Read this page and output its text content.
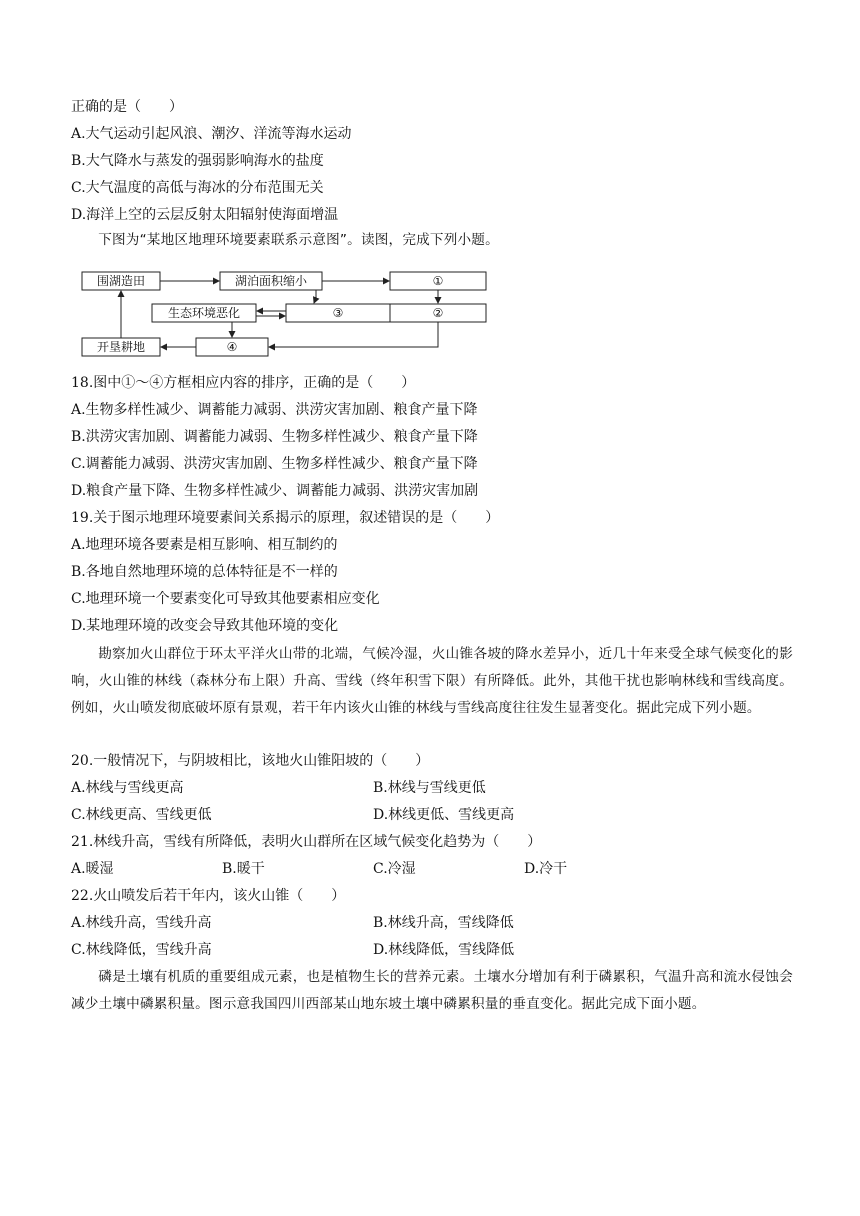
正确的是（　　）
A.大气运动引起风浪、潮汐、洋流等海水运动
B.大气降水与蒸发的强弱影响海水的盐度
C.大气温度的高低与海冰的分布范围无关
D.海洋上空的云层反射太阳辐射使海面增温
下图为“某地区地理环境要素联系示意图”。读图，完成下列小题。
围湖造田	湖泊面积缩小	①
生态环境恶化	③	②
开垦耕地	④
18.图中①～④方框相应内容的排序，正确的是（　　）
A.生物多样性减少、调蓄能力减弱、洪涝灾害加剧、粮食产量下降
B.洪涝灾害加剧、调蓄能力减弱、生物多样性减少、粮食产量下降
C.调蓄能力减弱、洪涝灾害加剧、生物多样性减少、粮食产量下降
D.粮食产量下降、生物多样性减少、调蓄能力减弱、洪涝灾害加剧
19.关于图示地理环境要素间关系揭示的原理，叙述错误的是（　　）
A.地理环境各要素是相互影响、相互制约的
B.各地自然地理环境的总体特征是不一样的
C.地理环境一个要素变化可导致其他要素相应变化
D.某地理环境的改变会导致其他环境的变化
勘察加火山群位于环太平洋火山带的北端，气候冷湿，火山锥各坡的降水差异小，近几十年来受全球气候变化的影响，火山锥的林线（森林分布上限）升高、雪线（终年积雪下限）有所降低。此外，其他干扰也影响林线和雪线高度。例如，火山喷发彻底破坏原有景观，若干年内该火山锥的林线与雪线高度往往发生显著变化。据此完成下列小题。
20.一般情况下，与阴坡相比，该地火山锥阳坡的（　　）
A.林线与雪线更高	B.林线与雪线更低
C.林线更高、雪线更低	D.林线更低、雪线更高
21.林线升高，雪线有所降低，表明火山群所在区域气候变化趋势为（　　）
A.暖湿	B.暖干	C.冷湿	D.冷干
22.火山喷发后若干年内，该火山锥（　　）
A.林线升高，雪线升高	B.林线升高，雪线降低
C.林线降低，雪线升高	D.林线降低，雪线降低
磷是土壤有机质的重要组成元素，也是植物生长的营养元素。土壤水分增加有利于磷累积，气温升高和流水侵蚀会减少土壤中磷累积量。图示意我国四川西部某山地东坡土壤中磷累积量的垂直变化。据此完成下面小题。
